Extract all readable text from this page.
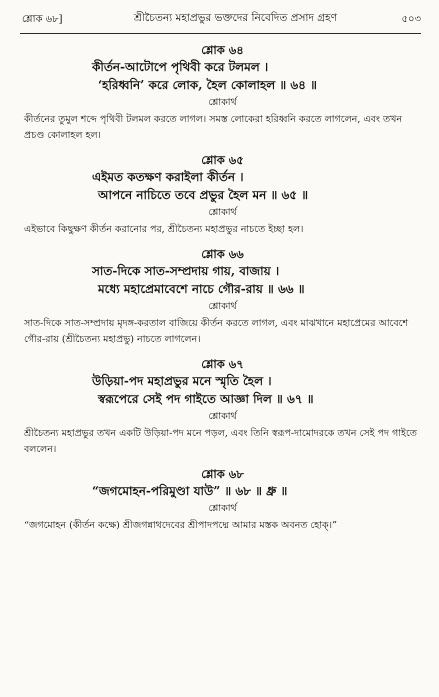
শ্লোক ৬৮]	শ্রীচৈতন্য মহাপ্রভুর ভক্তদের নিবেদিত প্রসাদ গ্রহণ	৫০৩
শ্লোক ৬৪
কীর্তন-আটোপে পৃথিবী করে টলমল ।
‘হরিধ্বনি’ করে লোক, হৈল কোলাহল ॥ ৬৪ ॥
শ্লোকার্থ
কীর্তনের তুমুল শব্দে পৃথিবী টলমল করতে লাগল। সমস্ত লোকেরা হরিধ্বনি করতে লাগলেন, এবং তখন প্রচণ্ড কোলাহল হল।
শ্লোক ৬৫
এইমত কতক্ষণ করাইলা কীর্তন ।
আপনে নাচিতে তবে প্রভুর হৈল মন ॥ ৬৫ ॥
শ্লোকার্থ
এইভাবে কিছুক্ষণ কীর্তন করানোর পর, শ্রীচৈতন্য মহাপ্রভুর নাচতে ইচ্ছা হল।
শ্লোক ৬৬
সাত-দিকে সাত-সম্প্রদায় গায়, বাজায় ।
মধ্যে মহাপ্রেমাবেশে নাচে গৌর-রায় ॥ ৬৬ ॥
শ্লোকার্থ
সাত-দিকে সাত-সম্প্রদায় মৃদঙ্গ-করতাল বাজিয়ে কীর্তন করতে লাগল, এবং মাঝখানে মহাপ্রেমের আবেশে গৌর-রায় (শ্রীচৈতন্য মহাপ্রভু) নাচতে লাগলেন।
শ্লোক ৬৭
উড়িয়া-পদ মহাপ্রভুর মনে স্মৃতি হৈল ।
স্বরূপেরে সেই পদ গাইতে আজ্ঞা দিল ॥ ৬৭ ॥
শ্লোকার্থ
শ্রীচৈতন্য মহাপ্রভুর তখন একটি উড়িয়া-পদ মনে পড়ল, এবং তিনি স্বরূপ-দামোদরকে তখন সেই পদ গাইতে বললেন।
শ্লোক ৬৮
“জগমোহন-পরিমুণ্ডা যাউ” ॥ ৬৮ ॥ ধ্রু ॥
শ্লোকার্থ
“জগমোহন (কীর্তন কক্ষে) শ্রীজগন্নাথদেবের শ্রীপাদপদ্মে আমার মস্তক অবনত হোক্।”
